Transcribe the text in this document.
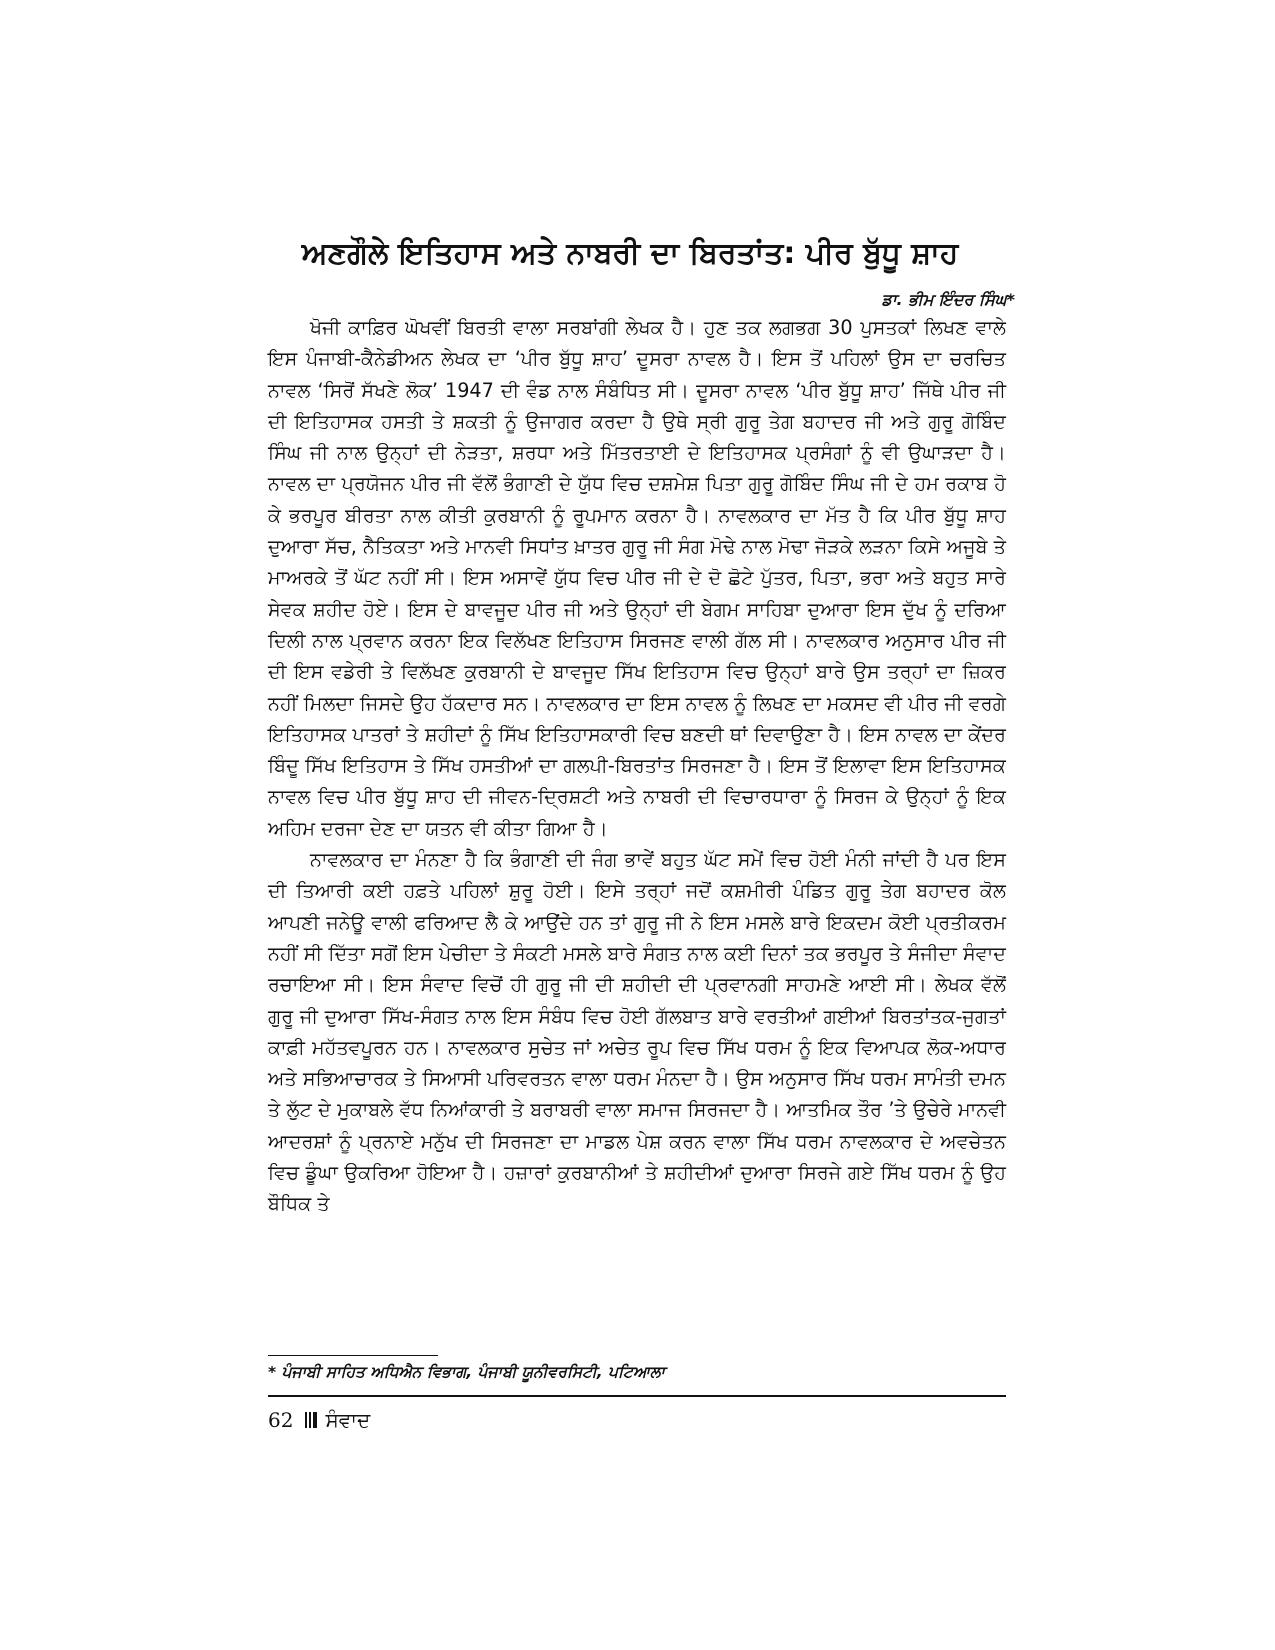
ਅਣਗੌਲੇ ਇਤਿਹਾਸ ਅਤੇ ਨਾਬਰੀ ਦਾ ਬਿਰਤਾਂਤ: ਪੀਰ ਬੁੱਧੂ ਸ਼ਾਹ
ਡਾ. ਭੀਮ ਇੰਦਰ ਸਿੰਘ*

ਖੋਜੀ ਕਾਫ਼ਿਰ ਘੋਖਵੀਂ ਬਿਰਤੀ ਵਾਲਾ ਸਰਬਾਂਗੀ ਲੇਖਕ ਹੈ। ਹੁਣ ਤਕ ਲਗਭਗ 30 ਪੁਸਤਕਾਂ ਲਿਖਣ ਵਾਲੇ ਇਸ ਪੰਜਾਬੀ-ਕੈਨੇਡੀਅਨ ਲੇਖਕ ਦਾ ‘ਪੀਰ ਬੁੱਧੂ ਸ਼ਾਹ’ ਦੂਸਰਾ ਨਾਵਲ ਹੈ। ਇਸ ਤੋਂ ਪਹਿਲਾਂ ਉਸ ਦਾ ਚਰਚਿਤ ਨਾਵਲ ‘ਸਿਰੋਂ ਸੱਖਣੇ ਲੋਕ’ 1947 ਦੀ ਵੰਡ ਨਾਲ ਸੰਬੰਧਿਤ ਸੀ। ਦੂਸਰਾ ਨਾਵਲ ‘ਪੀਰ ਬੁੱਧੂ ਸ਼ਾਹ’ ਜਿੱਥੇ ਪੀਰ ਜੀ ਦੀ ਇਤਿਹਾਸਕ ਹਸਤੀ ਤੇ ਸ਼ਕਤੀ ਨੂੰ ਉਜਾਗਰ ਕਰਦਾ ਹੈ ਉਥੇ ਸ੍ਰੀ ਗੁਰੂ ਤੇਗ ਬਹਾਦਰ ਜੀ ਅਤੇ ਗੁਰੂ ਗੋਬਿੰਦ ਸਿੰਘ ਜੀ ਨਾਲ ਉਨ੍ਹਾਂ ਦੀ ਨੇੜਤਾ, ਸ਼ਰਧਾ ਅਤੇ ਮਿੱਤਰਤਾਈ ਦੇ ਇਤਿਹਾਸਕ ਪ੍ਰਸੰਗਾਂ ਨੂੰ ਵੀ ਉਘਾੜਦਾ ਹੈ। ਨਾਵਲ ਦਾ ਪ੍ਰਯੋਜਨ ਪੀਰ ਜੀ ਵੱਲੋਂ ਭੰਗਾਣੀ ਦੇ ਯੁੱਧ ਵਿਚ ਦਸ਼ਮੇਸ਼ ਪਿਤਾ ਗੁਰੂ ਗੋਬਿੰਦ ਸਿੰਘ ਜੀ ਦੇ ਹਮ ਰਕਾਬ ਹੋ ਕੇ ਭਰਪੂਰ ਬੀਰਤਾ ਨਾਲ ਕੀਤੀ ਕੁਰਬਾਨੀ ਨੂੰ ਰੂਪਮਾਨ ਕਰਨਾ ਹੈ। ਨਾਵਲਕਾਰ ਦਾ ਮੱਤ ਹੈ ਕਿ ਪੀਰ ਬੁੱਧੂ ਸ਼ਾਹ ਦੁਆਰਾ ਸੱਚ, ਨੈਤਿਕਤਾ ਅਤੇ ਮਾਨਵੀ ਸਿਧਾਂਤ ਖ਼ਾਤਰ ਗੁਰੂ ਜੀ ਸੰਗ ਮੋਢੇ ਨਾਲ ਮੋਢਾ ਜੋੜਕੇ ਲੜਨਾ ਕਿਸੇ ਅਜੂਬੇ ਤੇ ਮਾਅਰਕੇ ਤੋਂ ਘੱਟ ਨਹੀਂ ਸੀ। ਇਸ ਅਸਾਵੇਂ ਯੁੱਧ ਵਿਚ ਪੀਰ ਜੀ ਦੇ ਦੋ ਛੋਟੇ ਪੁੱਤਰ, ਪਿਤਾ, ਭਰਾ ਅਤੇ ਬਹੁਤ ਸਾਰੇ ਸੇਵਕ ਸ਼ਹੀਦ ਹੋਏ। ਇਸ ਦੇ ਬਾਵਜੂਦ ਪੀਰ ਜੀ ਅਤੇ ਉਨ੍ਹਾਂ ਦੀ ਬੇਗਮ ਸਾਹਿਬਾ ਦੁਆਰਾ ਇਸ ਦੁੱਖ ਨੂੰ ਦਰਿਆ ਦਿਲੀ ਨਾਲ ਪ੍ਰਵਾਨ ਕਰਨਾ ਇਕ ਵਿਲੱਖਣ ਇਤਿਹਾਸ ਸਿਰਜਣ ਵਾਲੀ ਗੱਲ ਸੀ। ਨਾਵਲਕਾਰ ਅਨੁਸਾਰ ਪੀਰ ਜੀ ਦੀ ਇਸ ਵਡੇਰੀ ਤੇ ਵਿਲੱਖਣ ਕੁਰਬਾਨੀ ਦੇ ਬਾਵਜੂਦ ਸਿੱਖ ਇਤਿਹਾਸ ਵਿਚ ਉਨ੍ਹਾਂ ਬਾਰੇ ਉਸ ਤਰ੍ਹਾਂ ਦਾ ਜ਼ਿਕਰ ਨਹੀਂ ਮਿਲਦਾ ਜਿਸਦੇ ਉਹ ਹੱਕਦਾਰ ਸਨ। ਨਾਵਲਕਾਰ ਦਾ ਇਸ ਨਾਵਲ ਨੂੰ ਲਿਖਣ ਦਾ ਮਕਸਦ ਵੀ ਪੀਰ ਜੀ ਵਰਗੇ ਇਤਿਹਾਸਕ ਪਾਤਰਾਂ ਤੇ ਸ਼ਹੀਦਾਂ ਨੂੰ ਸਿੱਖ ਇਤਿਹਾਸਕਾਰੀ ਵਿਚ ਬਣਦੀ ਥਾਂ ਦਿਵਾਉਣਾ ਹੈ। ਇਸ ਨਾਵਲ ਦਾ ਕੇਂਦਰ ਬਿੰਦੂ ਸਿੱਖ ਇਤਿਹਾਸ ਤੇ ਸਿੱਖ ਹਸਤੀਆਂ ਦਾ ਗਲਪੀ-ਬਿਰਤਾਂਤ ਸਿਰਜਣਾ ਹੈ। ਇਸ ਤੋਂ ਇਲਾਵਾ ਇਸ ਇਤਿਹਾਸਕ ਨਾਵਲ ਵਿਚ ਪੀਰ ਬੁੱਧੂ ਸ਼ਾਹ ਦੀ ਜੀਵਨ-ਦ੍ਰਿਸ਼ਟੀ ਅਤੇ ਨਾਬਰੀ ਦੀ ਵਿਚਾਰਧਾਰਾ ਨੂੰ ਸਿਰਜ ਕੇ ਉਨ੍ਹਾਂ ਨੂੰ ਇਕ ਅਹਿਮ ਦਰਜਾ ਦੇਣ ਦਾ ਯਤਨ ਵੀ ਕੀਤਾ ਗਿਆ ਹੈ।

ਨਾਵਲਕਾਰ ਦਾ ਮੰਨਣਾ ਹੈ ਕਿ ਭੰਗਾਣੀ ਦੀ ਜੰਗ ਭਾਵੇਂ ਬਹੁਤ ਘੱਟ ਸਮੇਂ ਵਿਚ ਹੋਈ ਮੰਨੀ ਜਾਂਦੀ ਹੈ ਪਰ ਇਸ ਦੀ ਤਿਆਰੀ ਕਈ ਹਫ਼ਤੇ ਪਹਿਲਾਂ ਸ਼ੁਰੂ ਹੋਈ। ਇਸੇ ਤਰ੍ਹਾਂ ਜਦੋਂ ਕਸ਼ਮੀਰੀ ਪੰਡਿਤ ਗੁਰੂ ਤੇਗ ਬਹਾਦਰ ਕੋਲ ਆਪਣੀ ਜਨੇਊ ਵਾਲੀ ਫਰਿਆਦ ਲੈ ਕੇ ਆਉਂਦੇ ਹਨ ਤਾਂ ਗੁਰੂ ਜੀ ਨੇ ਇਸ ਮਸਲੇ ਬਾਰੇ ਇਕਦਮ ਕੋਈ ਪ੍ਰਤੀਕਰਮ ਨਹੀਂ ਸੀ ਦਿੱਤਾ ਸਗੋਂ ਇਸ ਪੇਚੀਦਾ ਤੇ ਸੰਕਟੀ ਮਸਲੇ ਬਾਰੇ ਸੰਗਤ ਨਾਲ ਕਈ ਦਿਨਾਂ ਤਕ ਭਰਪੂਰ ਤੇ ਸੰਜੀਦਾ ਸੰਵਾਦ ਰਚਾਇਆ ਸੀ। ਇਸ ਸੰਵਾਦ ਵਿਚੋਂ ਹੀ ਗੁਰੂ ਜੀ ਦੀ ਸ਼ਹੀਦੀ ਦੀ ਪ੍ਰਵਾਨਗੀ ਸਾਹਮਣੇ ਆਈ ਸੀ। ਲੇਖਕ ਵੱਲੋਂ ਗੁਰੂ ਜੀ ਦੁਆਰਾ ਸਿੱਖ-ਸੰਗਤ ਨਾਲ ਇਸ ਸੰਬੰਧ ਵਿਚ ਹੋਈ ਗੱਲਬਾਤ ਬਾਰੇ ਵਰਤੀਆਂ ਗਈਆਂ ਬਿਰਤਾਂਤਕ-ਜੁਗਤਾਂ ਕਾਫ਼ੀ ਮਹੱਤਵਪੂਰਨ ਹਨ। ਨਾਵਲਕਾਰ ਸੁਚੇਤ ਜਾਂ ਅਚੇਤ ਰੂਪ ਵਿਚ ਸਿੱਖ ਧਰਮ ਨੂੰ ਇਕ ਵਿਆਪਕ ਲੋਕ-ਅਧਾਰ ਅਤੇ ਸਭਿਆਚਾਰਕ ਤੇ ਸਿਆਸੀ ਪਰਿਵਰਤਨ ਵਾਲਾ ਧਰਮ ਮੰਨਦਾ ਹੈ। ਉਸ ਅਨੁਸਾਰ ਸਿੱਖ ਧਰਮ ਸਾਮੰਤੀ ਦਮਨ ਤੇ ਲੁੱਟ ਦੇ ਮੁਕਾਬਲੇ ਵੱਧ ਨਿਆਂਕਾਰੀ ਤੇ ਬਰਾਬਰੀ ਵਾਲਾ ਸਮਾਜ ਸਿਰਜਦਾ ਹੈ। ਆਤਮਿਕ ਤੌਰ ’ਤੇ ਉਚੇਰੇ ਮਾਨਵੀ ਆਦਰਸ਼ਾਂ ਨੂੰ ਪ੍ਰਨਾਏ ਮਨੁੱਖ ਦੀ ਸਿਰਜਣਾ ਦਾ ਮਾਡਲ ਪੇਸ਼ ਕਰਨ ਵਾਲਾ ਸਿੱਖ ਧਰਮ ਨਾਵਲਕਾਰ ਦੇ ਅਵਚੇਤਨ ਵਿਚ ਡੂੰਘਾ ਉਕਰਿਆ ਹੋਇਆ ਹੈ। ਹਜ਼ਾਰਾਂ ਕੁਰਬਾਨੀਆਂ ਤੇ ਸ਼ਹੀਦੀਆਂ ਦੁਆਰਾ ਸਿਰਜੇ ਗਏ ਸਿੱਖ ਧਰਮ ਨੂੰ ਉਹ ਬੌਧਿਕ ਤੇ

* ਪੰਜਾਬੀ ਸਾਹਿਤ ਅਧਿਐਨ ਵਿਭਾਗ, ਪੰਜਾਬੀ ਯੂਨੀਵਰਸਿਟੀ, ਪਟਿਆਲਾ
62 ਸੰਵਾਦ
